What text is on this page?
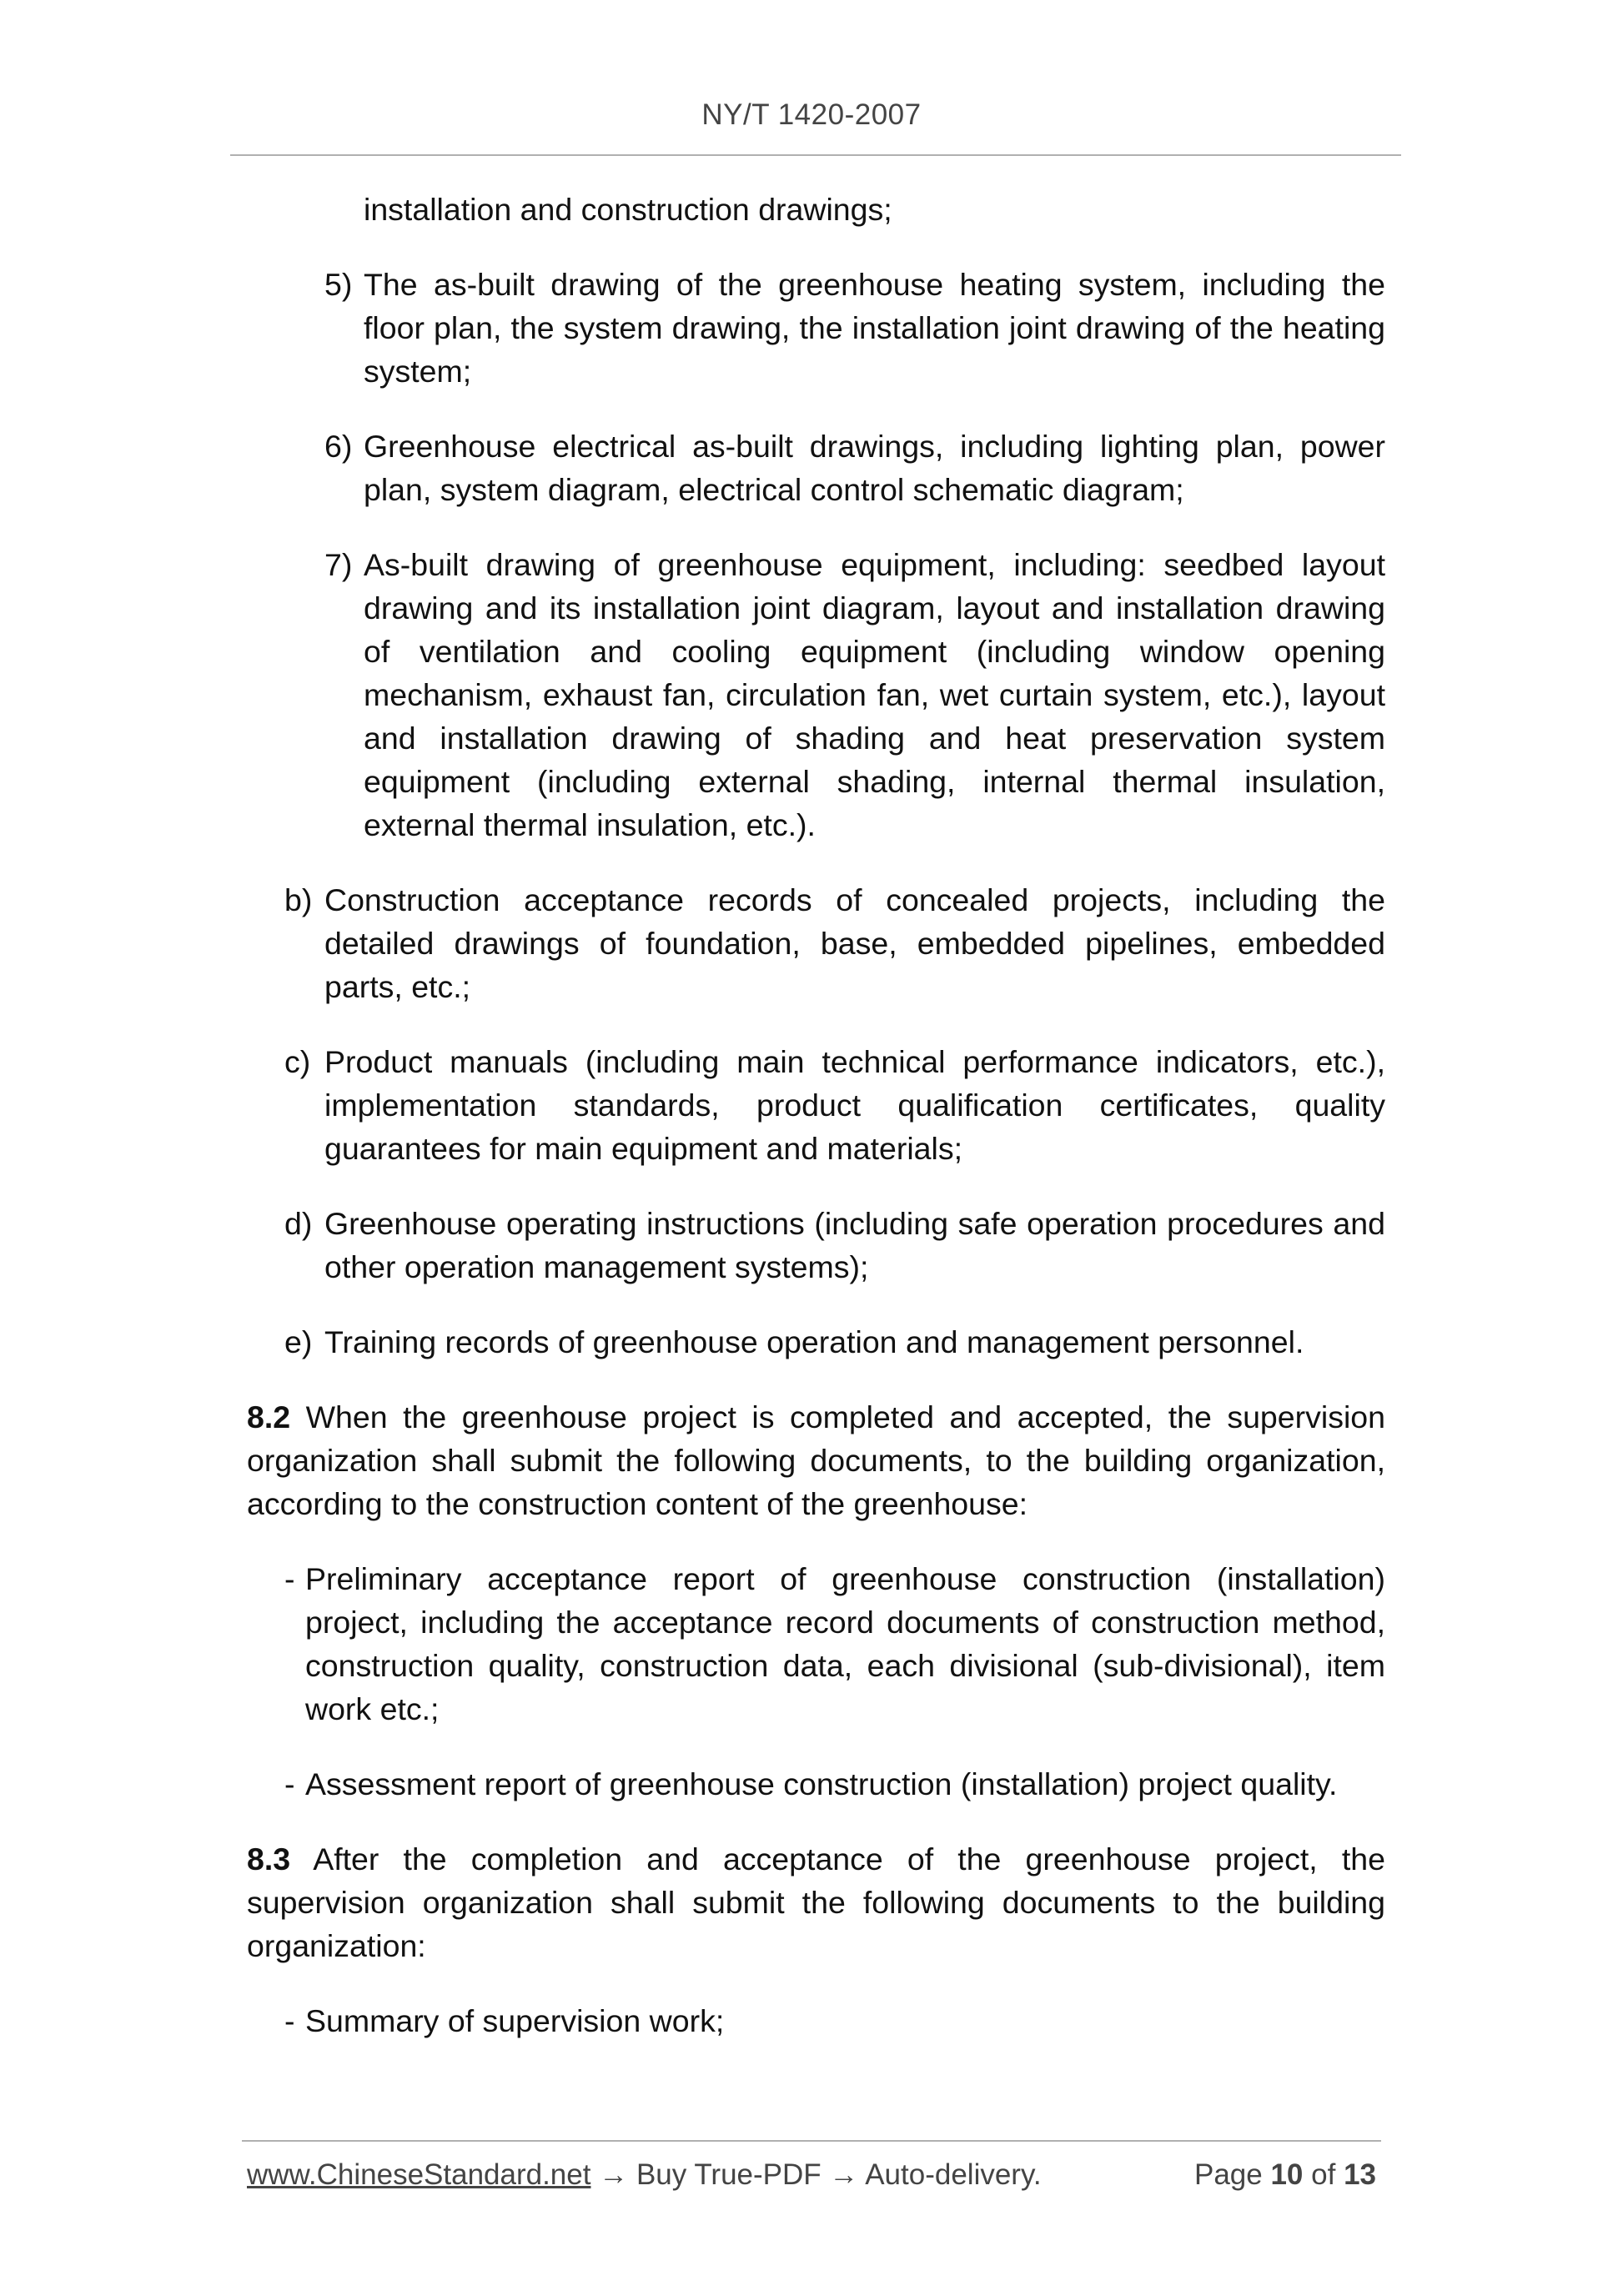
NY/T 1420-2007

installation and construction drawings;

5) The as-built drawing of the greenhouse heating system, including the floor plan, the system drawing, the installation joint drawing of the heating system;
6) Greenhouse electrical as-built drawings, including lighting plan, power plan, system diagram, electrical control schematic diagram;
7) As-built drawing of greenhouse equipment, including: seedbed layout drawing and its installation joint diagram, layout and installation drawing of ventilation and cooling equipment (including window opening mechanism, exhaust fan, circulation fan, wet curtain system, etc.), layout and installation drawing of shading and heat preservation system equipment (including external shading, internal thermal insulation, external thermal insulation, etc.).
b) Construction acceptance records of concealed projects, including the detailed drawings of foundation, base, embedded pipelines, embedded parts, etc.;
c) Product manuals (including main technical performance indicators, etc.), implementation standards, product qualification certificates, quality guarantees for main equipment and materials;
d) Greenhouse operating instructions (including safe operation procedures and other operation management systems);
e) Training records of greenhouse operation and management personnel.

8.2 When the greenhouse project is completed and accepted, the supervision organization shall submit the following documents, to the building organization, according to the construction content of the greenhouse:

- Preliminary acceptance report of greenhouse construction (installation) project, including the acceptance record documents of construction method, construction quality, construction data, each divisional (sub-divisional), item work etc.;
- Assessment report of greenhouse construction (installation) project quality.

8.3 After the completion and acceptance of the greenhouse project, the supervision organization shall submit the following documents to the building organization:

- Summary of supervision work;
www.ChineseStandard.net → Buy True-PDF → Auto-delivery.	Page 10 of 13
